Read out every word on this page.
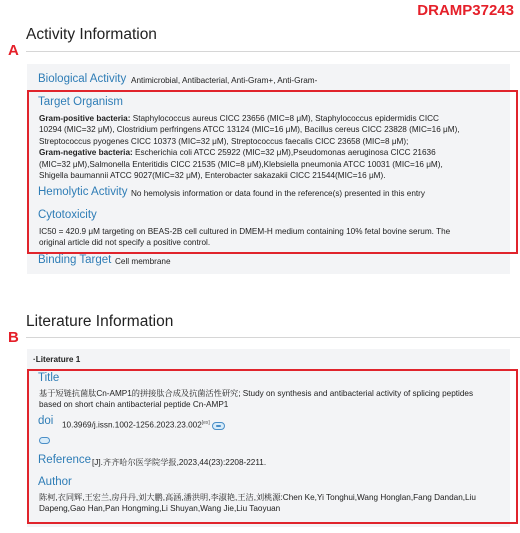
DRAMP37243
Activity Information
A
Biological Activity Antimicrobial, Antibacterial, Anti-Gram+, Anti-Gram-
Target Organism
Gram-positive bacteria: Staphylococcus aureus CICC 23656 (MIC=8 μM), Staphylococcus epidermidis CICC
10294 (MIC=32 μM), Clostridium perfringens ATCC 13124 (MIC=16 μM), Bacillus cereus CICC 23828 (MIC=16 μM),
Streptococcus pyogenes CICC 10373 (MIC=32 μM), Streptococcus faecalis CICC 23658 (MIC=8 μM);
Gram-negative bacteria: Escherichia coli ATCC 25922 (MIC=32 μM),Pseudomonas aeruginosa CICC 21636
(MIC=32 μM),Salmonella Enteritidis CICC 21535 (MIC=8 μM),Klebsiella pneumonia ATCC 10031 (MIC=16 μM),
Shigella baumannii ATCC 9027(MIC=32 μM), Enterobacter sakazakii CICC 21544(MIC=16 μM).
Hemolytic Activity No hemolysis information or data found in the reference(s) presented in this entry
Cytotoxicity
IC50 = 420.9 μM targeting on BEAS-2B cell cultured in DMEM-H medium containing 10% fetal bovine serum. The
original article did not specify a positive control.
Binding Target Cell membrane
Literature Information
B
·Literature 1
Title
基于短链抗菌肽Cn-AMP1的拼接肽合成及抗菌活性研究; Study on synthesis and antibacterial activity of splicing peptides
based on short chain antibacterial peptide Cn-AMP1
doi 10.3969/j.issn.1002-1256.2023.23.002[ex]
Reference [J].齐齐哈尔医学院学报,2023,44(23):2208-2211.
Author
陈柯,衣同辉,王宏兰,房丹丹,刘大鹏,高涵,潘洪明,李淑艳,王洁,刘桃源:Chen Ke,Yi Tonghui,Wang Honglan,Fang Dandan,Liu
Dapeng,Gao Han,Pan Hongming,Li Shuyan,Wang Jie,Liu Taoyuan
